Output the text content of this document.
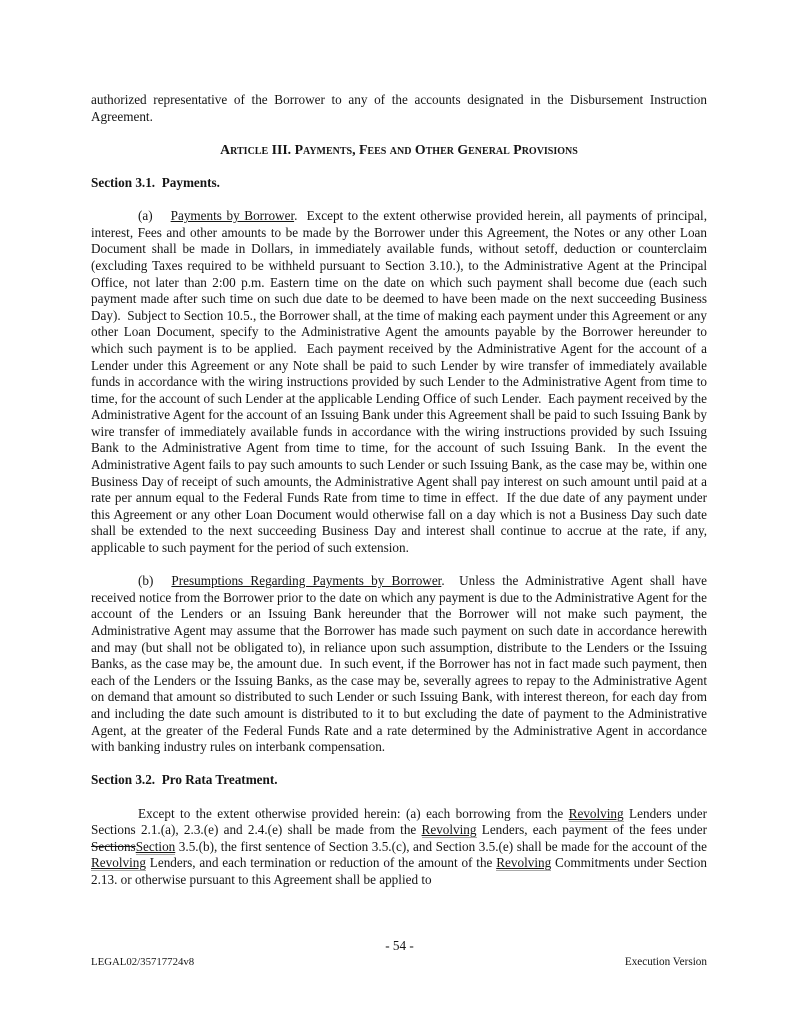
authorized representative of the Borrower to any of the accounts designated in the Disbursement Instruction Agreement.

Article III. Payments, Fees and Other General Provisions

Section 3.1.  Payments.

(a) Payments by Borrower.  Except to the extent otherwise provided herein, all payments of principal, interest, Fees and other amounts to be made by the Borrower under this Agreement, the Notes or any other Loan Document shall be made in Dollars, in immediately available funds, without setoff, deduction or counterclaim (excluding Taxes required to be withheld pursuant to Section 3.10.), to the Administrative Agent at the Principal Office, not later than 2:00 p.m. Eastern time on the date on which such payment shall become due (each such payment made after such time on such due date to be deemed to have been made on the next succeeding Business Day).  Subject to Section 10.5., the Borrower shall, at the time of making each payment under this Agreement or any other Loan Document, specify to the Administrative Agent the amounts payable by the Borrower hereunder to which such payment is to be applied.  Each payment received by the Administrative Agent for the account of a Lender under this Agreement or any Note shall be paid to such Lender by wire transfer of immediately available funds in accordance with the wiring instructions provided by such Lender to the Administrative Agent from time to time, for the account of such Lender at the applicable Lending Office of such Lender.  Each payment received by the Administrative Agent for the account of an Issuing Bank under this Agreement shall be paid to such Issuing Bank by wire transfer of immediately available funds in accordance with the wiring instructions provided by such Issuing Bank to the Administrative Agent from time to time, for the account of such Issuing Bank.  In the event the Administrative Agent fails to pay such amounts to such Lender or such Issuing Bank, as the case may be, within one Business Day of receipt of such amounts, the Administrative Agent shall pay interest on such amount until paid at a rate per annum equal to the Federal Funds Rate from time to time in effect.  If the due date of any payment under this Agreement or any other Loan Document would otherwise fall on a day which is not a Business Day such date shall be extended to the next succeeding Business Day and interest shall continue to accrue at the rate, if any, applicable to such payment for the period of such extension.

(b) Presumptions Regarding Payments by Borrower.  Unless the Administrative Agent shall have received notice from the Borrower prior to the date on which any payment is due to the Administrative Agent for the account of the Lenders or an Issuing Bank hereunder that the Borrower will not make such payment, the Administrative Agent may assume that the Borrower has made such payment on such date in accordance herewith and may (but shall not be obligated to), in reliance upon such assumption, distribute to the Lenders or the Issuing Banks, as the case may be, the amount due.  In such event, if the Borrower has not in fact made such payment, then each of the Lenders or the Issuing Banks, as the case may be, severally agrees to repay to the Administrative Agent on demand that amount so distributed to such Lender or such Issuing Bank, with interest thereon, for each day from and including the date such amount is distributed to it to but excluding the date of payment to the Administrative Agent, at the greater of the Federal Funds Rate and a rate determined by the Administrative Agent in accordance with banking industry rules on interbank compensation.

Section 3.2.  Pro Rata Treatment.

Except to the extent otherwise provided herein: (a) each borrowing from the Revolving Lenders under Sections 2.1.(a), 2.3.(e) and 2.4.(e) shall be made from the Revolving Lenders, each payment of the fees under SectionsSection 3.5.(b), the first sentence of Section 3.5.(c), and Section 3.5.(e) shall be made for the account of the Revolving Lenders, and each termination or reduction of the amount of the Revolving Commitments under Section 2.13. or otherwise pursuant to this Agreement shall be applied to

- 54 -
LEGAL02/35717724v8	Execution Version
